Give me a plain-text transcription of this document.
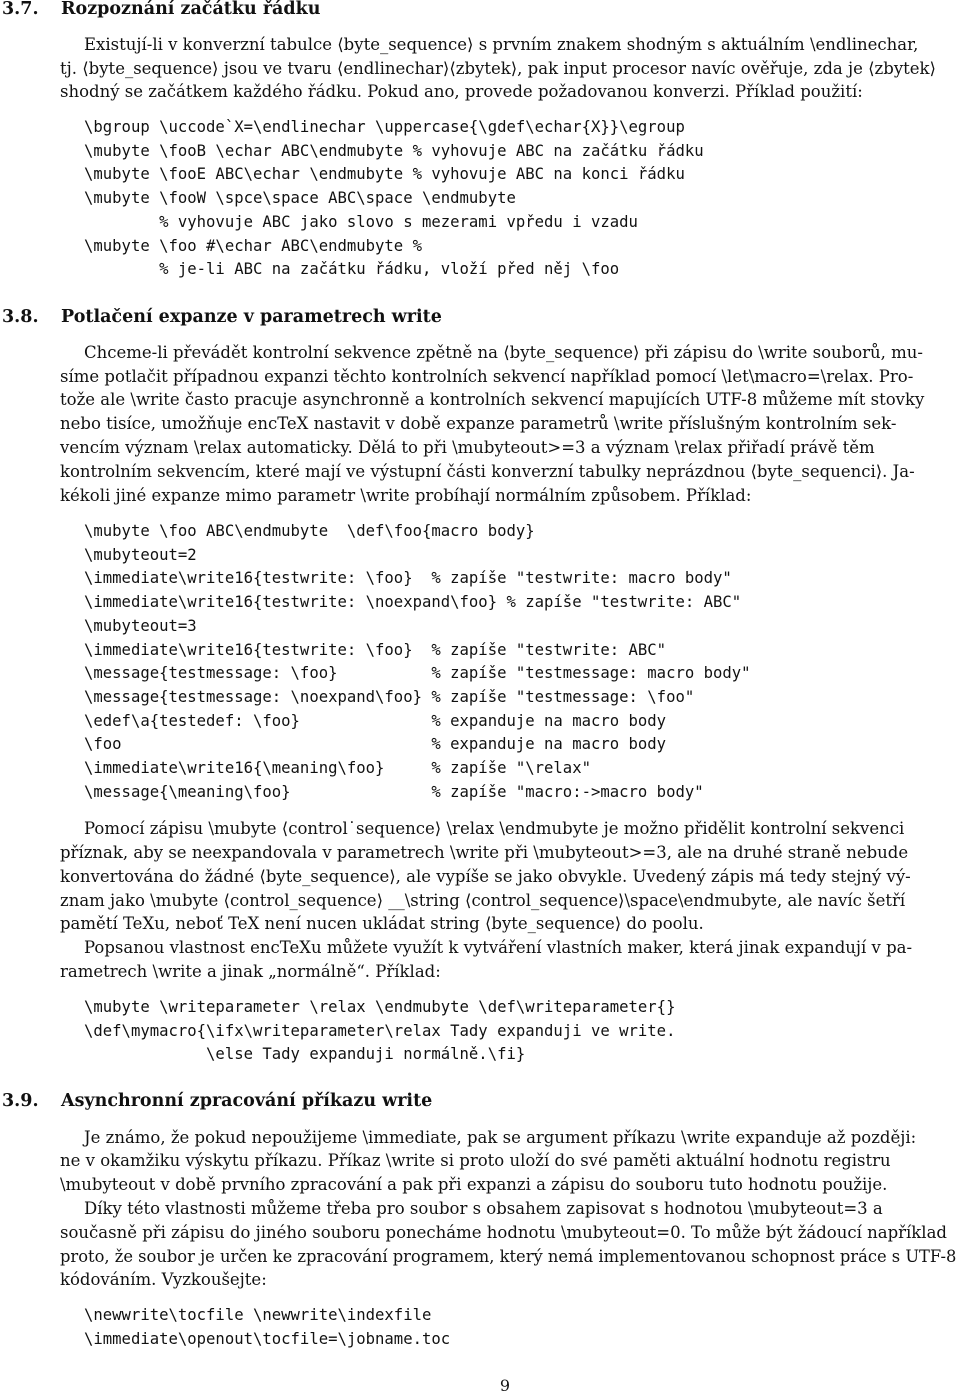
3.7. Rozpoznání začátku řádku

Existují-li v konverzní tabulce ⟨byte_sequence⟩ s prvním znakem shodným s aktuálním \endlinechar,

tj. ⟨byte_sequence⟩ jsou ve tvaru ⟨endlinechar⟩⟨zbytek⟩, pak input procesor navíc ověřuje, zda je ⟨zbytek⟩

shodný se začátkem každého řádku. Pokud ano, provede požadovanou konverzi. Příklad použití:

\bgroup \uccode`X=\endlinechar \uppercase{\gdef\echar{X}}\egroup
\mubyte \fooB \echar ABC\endmubyte % vyhovuje ABC na začátku řádku
\mubyte \fooE ABC\echar \endmubyte % vyhovuje ABC na konci řádku
\mubyte \fooW \spce\space ABC\space \endmubyte
% vyhovuje ABC jako slovo s mezerami vpředu i vzadu
\mubyte \foo #\echar ABC\endmubyte %
% je-li ABC na začátku řádku, vloží před něj \foo
3.8. Potlačení expanze v parametrech write

Chceme-li převádět kontrolní sekvence zpětně na ⟨byte_sequence⟩ při zápisu do \write souborů, mu-

síme potlačit případnou expanzi těchto kontrolních sekvencí například pomocí \let\macro=\relax. Pro-

tože ale \write často pracuje asynchronně a kontrolních sekvencí mapujících UTF-8 můžeme mít stovky

nebo tisíce, umožňuje encTeX nastavit v době expanze parametrů \write příslušným kontrolním sek-

vencím význam \relax automaticky. Dělá to při \mubyteout>=3 a význam \relax přiřadí právě těm

kontrolním sekvencím, které mají ve výstupní části konverzní tabulky neprázdnou ⟨byte_sequenci⟩. Ja-

kékoli jiné expanze mimo parametr \write probíhají normálním způsobem. Příklad:

\mubyte \foo ABC\endmubyte  \def\foo{macro body}
\mubyteout=2
\immediate\write16{testwrite: \foo}  % zapíše "testwrite: macro body"
\immediate\write16{testwrite: \noexpand\foo} % zapíše "testwrite: ABC"
\mubyteout=3
\immediate\write16{testwrite: \foo}  % zapíše "testwrite: ABC"
\message{testmessage: \foo}          % zapíše "testmessage: macro body"
\message{testmessage: \noexpand\foo} % zapíše "testmessage: \foo"
\edef\a{testedef: \foo}              % expanduje na macro body
\foo                                 % expanduje na macro body
\immediate\write16{\meaning\foo}     % zapíše "\relax"
\message{\meaning\foo}               % zapíše "macro:->macro body"

Pomocí zápisu \mubyte ⟨control˙sequence⟩ \relax \endmubyte je možno přidělit kontrolní sekvenci

příznak, aby se neexpandovala v parametrech \write při \mubyteout>=3, ale na druhé straně nebude

konvertována do žádné ⟨byte_sequence⟩, ale vypíše se jako obvykle. Uvedený zápis má tedy stejný vý-

znam jako \mubyte ⟨control_sequence⟩ __\string ⟨control_sequence⟩\space\endmubyte, ale navíc šetří

pamětí TeXu, neboť TeX není nucen ukládat string ⟨byte_sequence⟩ do poolu.

Popsanou vlastnost encTeXu můžete využít k vytváření vlastních maker, která jinak expandují v pa-

rametrech \write a jinak „normálně“. Příklad:

\mubyte \writeparameter \relax \endmubyte \def\writeparameter{}
\def\mymacro{\ifx\writeparameter\relax Tady expanduji ve write.
\else Tady expanduji normálně.\fi}
3.9. Asynchronní zpracování příkazu write

Je známo, že pokud nepoužijeme \immediate, pak se argument příkazu \write expanduje až později:

ne v okamžiku výskytu příkazu. Příkaz \write si proto uloží do své paměti aktuální hodnotu registru

\mubyteout v době prvního zpracování a pak při expanzi a zápisu do souboru tuto hodnotu použije.

Díky této vlastnosti můžeme třeba pro soubor s obsahem zapisovat s hodnotou \mubyteout=3 a

současně při zápisu do jiného souboru ponecháme hodnotu \mubyteout=0. To může být žádoucí například

proto, že soubor je určen ke zpracování programem, který nemá implementovanou schopnost práce s UTF-8

kódováním. Vyzkoušejte:

\newwrite\tocfile \newwrite\indexfile
\immediate\openout\tocfile=\jobname.toc
9
